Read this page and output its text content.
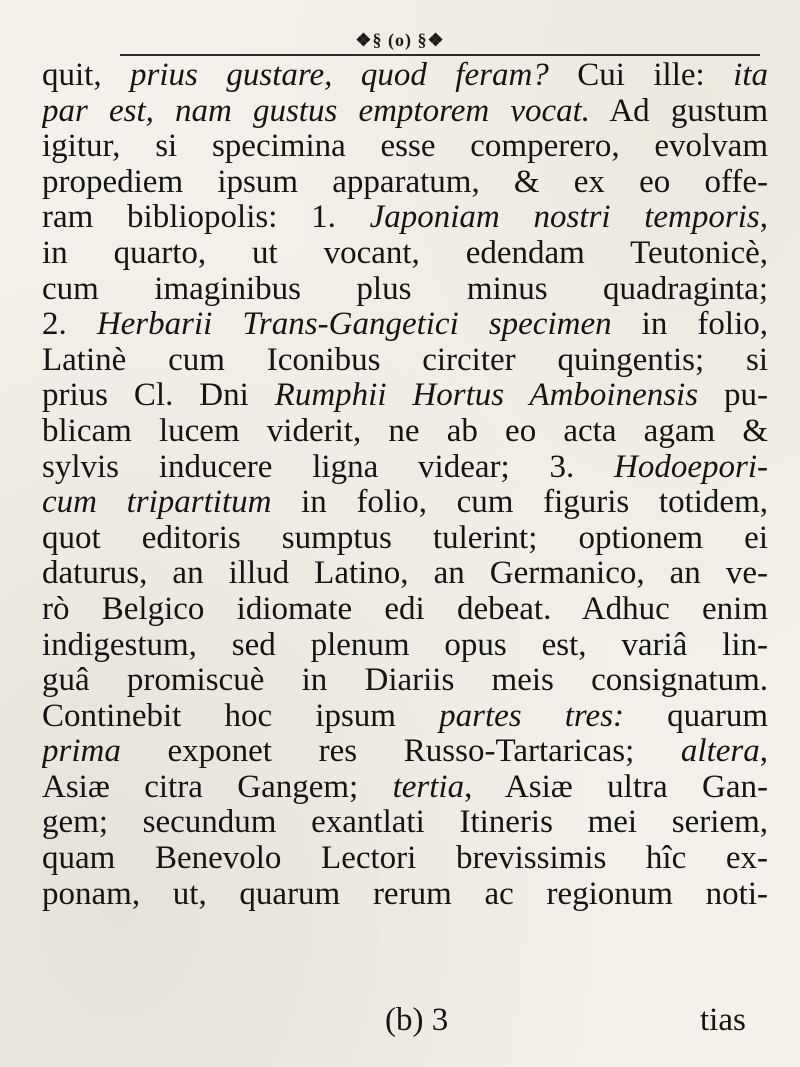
❖§ (o) §❖
quit, prius gustare, quod feram? Cui ille: ita
par est, nam gustus emptorem vocat. Ad gustum
igitur, si specimina esse comperero, evolvam
propediem ipsum apparatum, & ex eo offe-
ram bibliopolis: 1. Japoniam nostri temporis,
in quarto, ut vocant, edendam Teutonicè,
cum imaginibus plus minus quadraginta;
2. Herbarii Trans-Gangetici specimen in folio,
Latinè cum Iconibus circiter quingentis; si
prius Cl. Dni Rumphii Hortus Amboinensis pu-
blicam lucem viderit, ne ab eo acta agam &
sylvis inducere ligna videar; 3. Hodoepori-
cum tripartitum in folio, cum figuris totidem,
quot editoris sumptus tulerint; optionem ei
daturus, an illud Latino, an Germanico, an ve-
rò Belgico idiomate edi debeat. Adhuc enim
indigestum, sed plenum opus est, variâ lin-
guâ promiscuè in Diariis meis consignatum.
Continebit hoc ipsum partes tres: quarum
prima exponet res Russo-Tartaricas; altera,
Asiæ citra Gangem; tertia, Asiæ ultra Gan-
gem; secundum exantlati Itineris mei seriem,
quam Benevolo Lectori brevissimis hîc ex-
ponam, ut, quarum rerum ac regionum noti-
(b) 3	tias
